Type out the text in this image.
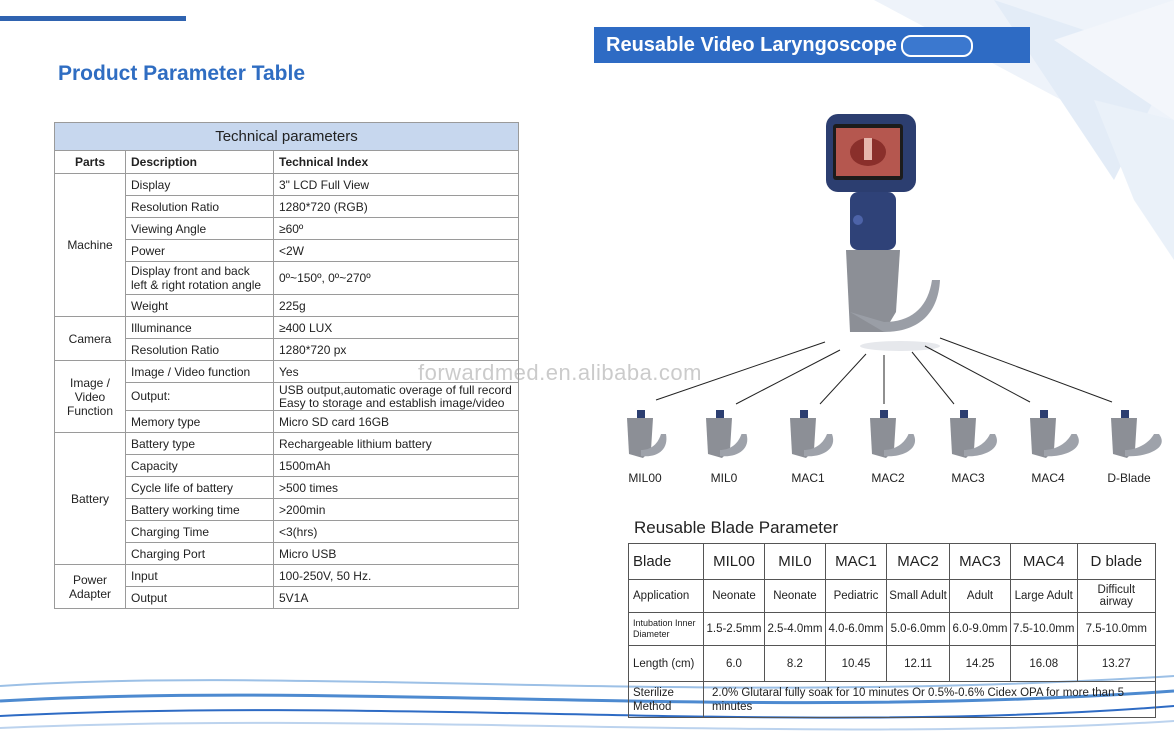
Product Parameter Table
Technical parameters		
Parts	Description	Technical Index
Machine	Display	3" LCD Full View
	Resolution Ratio	1280*720 (RGB)
	Viewing Angle	≥60º
	Power	<2W
	Display front and back left & right rotation angle	0º~150º, 0º~270º
	Weight	225g
Camera	Illuminance	≥400 LUX
	Resolution Ratio	1280*720 px
Image / Video Function	Image / Video function	Yes
	Output:	USB output,automatic overage of full record Easy to storage and establish image/video
	Memory type	Micro SD card 16GB
Battery	Battery type	Rechargeable lithium battery
	Capacity	1500mAh
	Cycle life of battery	>500 times
	Battery working time	>200min
	Charging Time	<3(hrs)
	Charging Port	Micro USB
Power Adapter	Input	100-250V, 50 Hz.
	Output	5V1A
Reusable Video Laryngoscope
forwardmed.en.alibaba.com
MIL00	MIL0	MAC1	MAC2	MAC3	MAC4	D-Blade
Reusable Blade Parameter
Blade	MIL00	MIL0	MAC1	MAC2	MAC3	MAC4	D blade
Application	Neonate	Neonate	Pediatric	Small Adult	Adult	Large Adult	Difficult airway
Intubation Inner Diameter	1.5-2.5mm	2.5-4.0mm	4.0-6.0mm	5.0-6.0mm	6.0-9.0mm	7.5-10.0mm	7.5-10.0mm
Length (cm)	6.0	8.2	10.45	12.11	14.25	16.08	13.27
Sterilize Method	2.0% Glutaral fully soak for 10 minutes Or 0.5%-0.6% Cidex OPA for more than 5 minutes						
